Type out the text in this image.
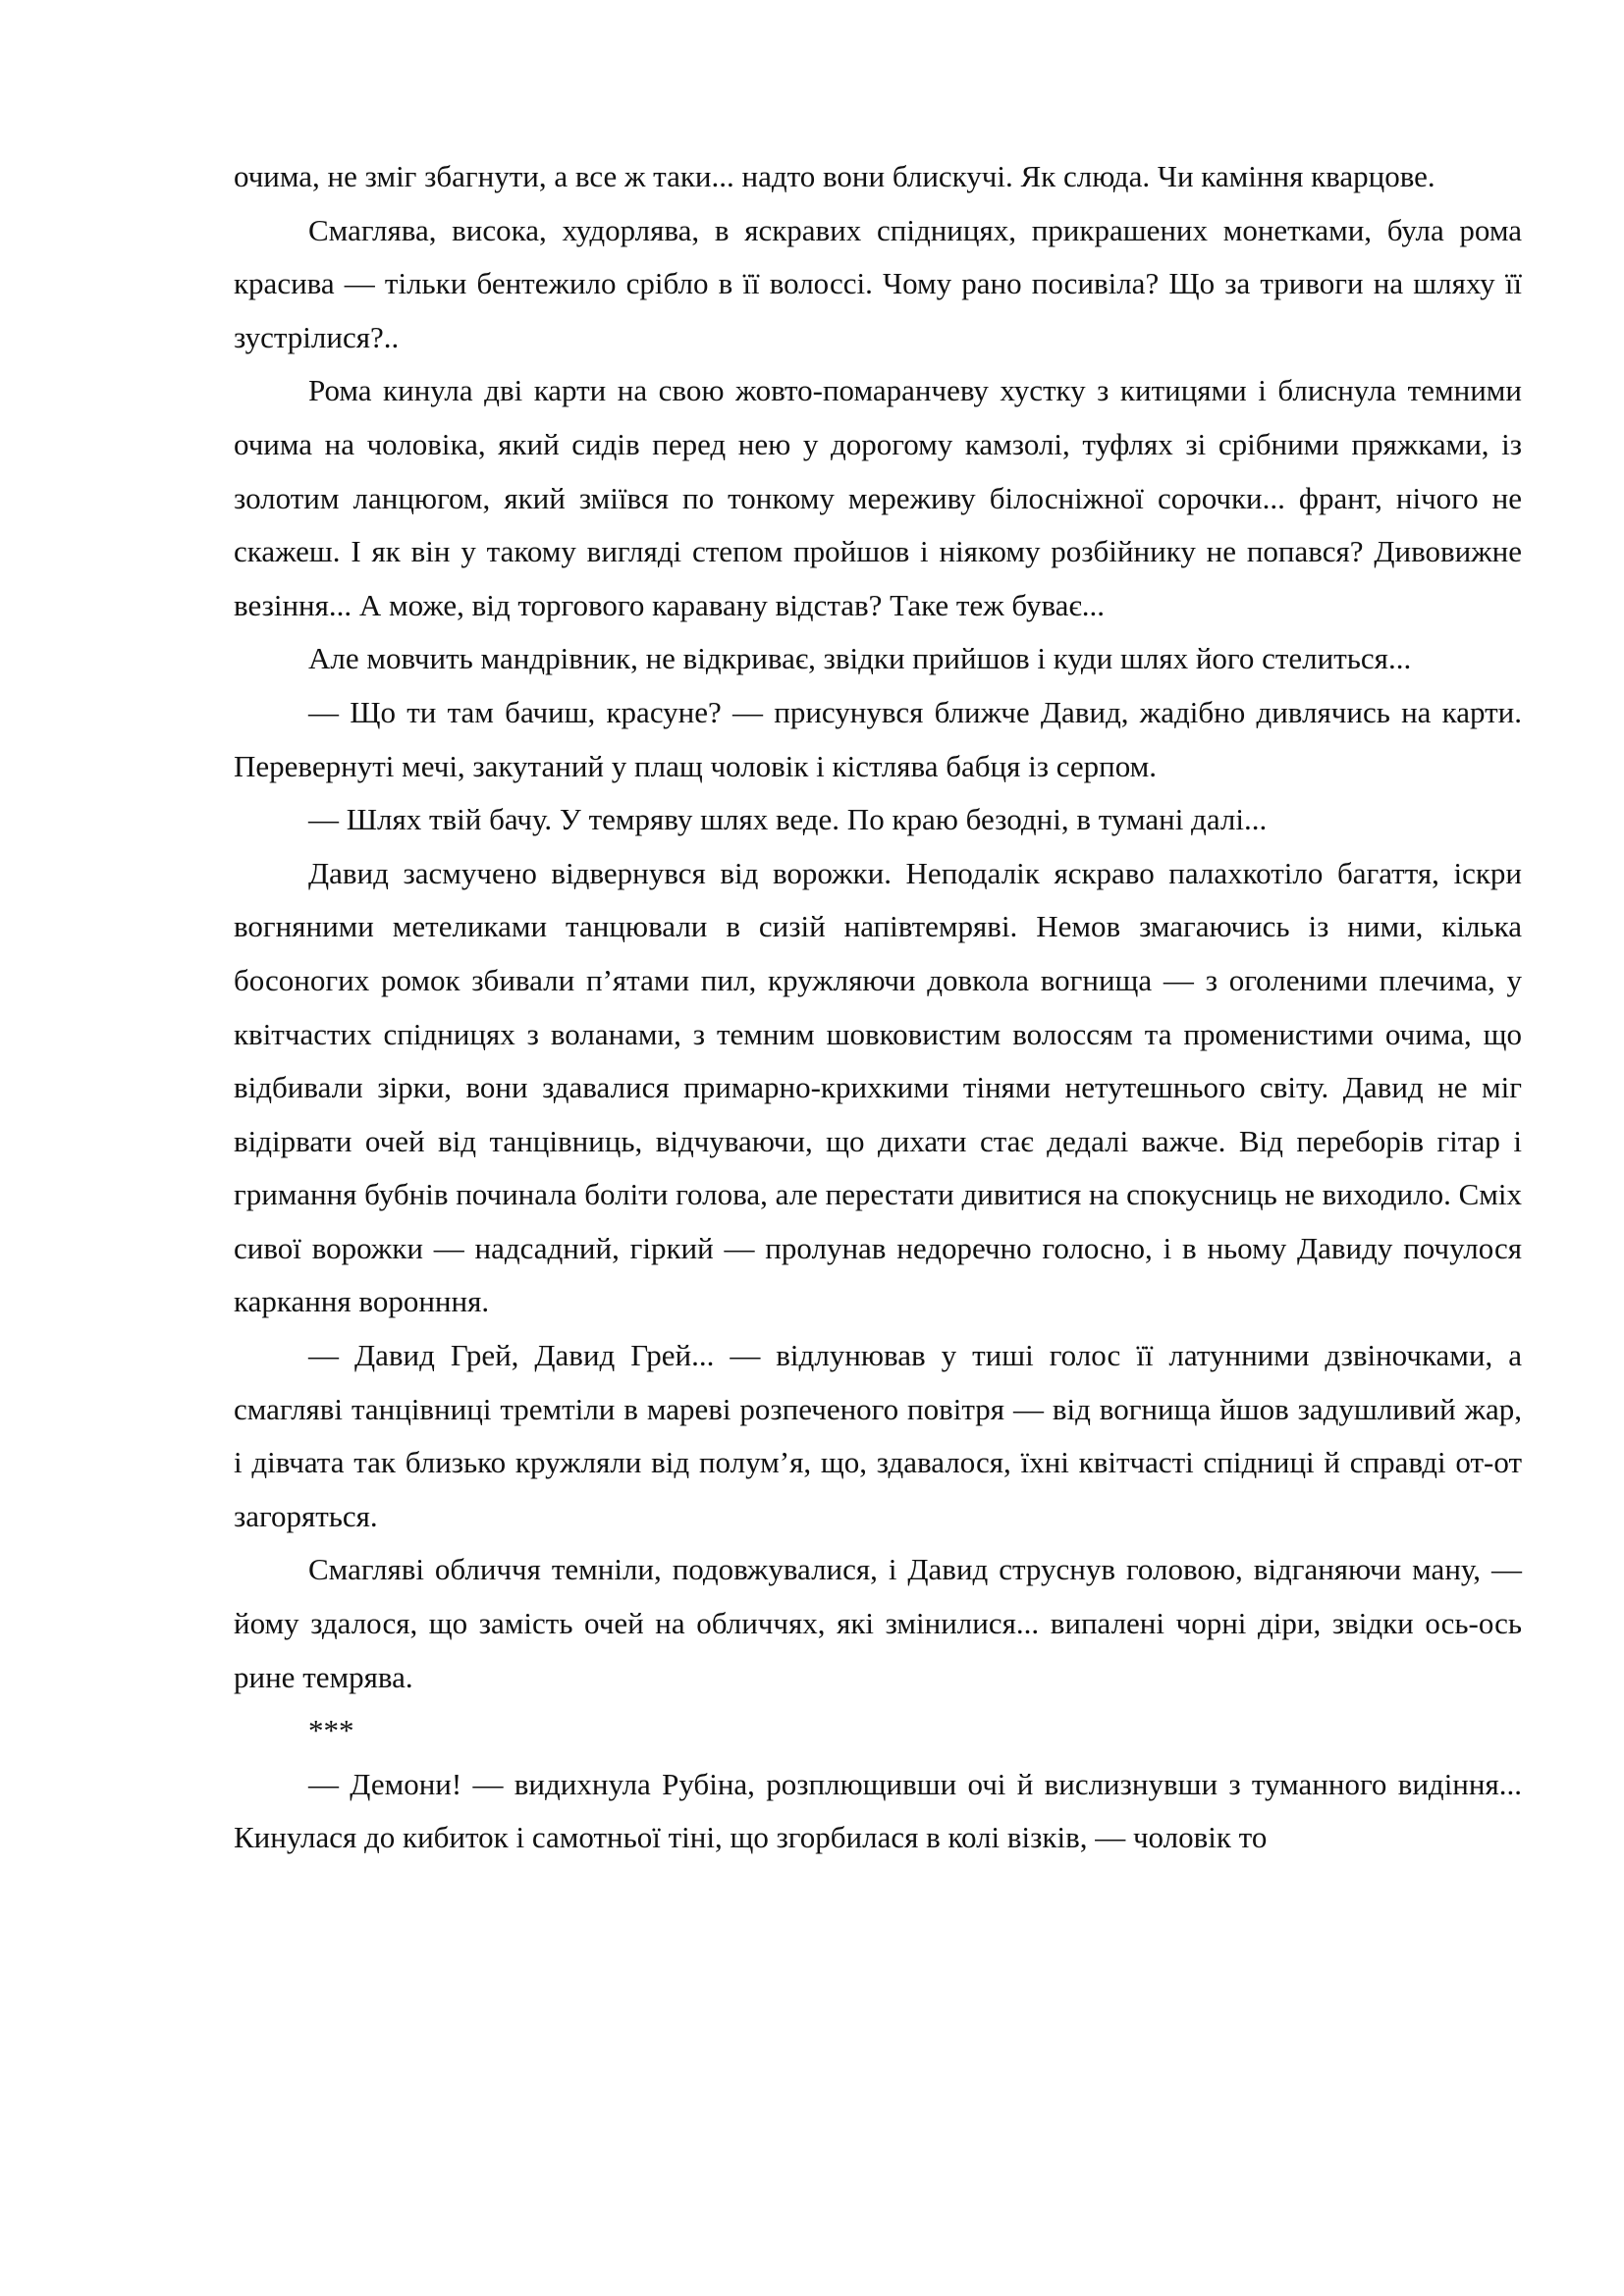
очима, не зміг збагнути, а все ж таки... надто вони блискучі. Як слюда. Чи каміння кварцове.

Смаглява, висока, худорлява, в яскравих спідницях, прикрашених монетками, була рома красива — тільки бентежило срібло в її волоссі. Чому рано посивіла? Що за тривоги на шляху її зустрілися?..

Рома кинула дві карти на свою жовто-помаранчеву хустку з китицями і блиснула темними очима на чоловіка, який сидів перед нею у дорогому камзолі, туфлях зі срібними пряжками, із золотим ланцюгом, який зміївся по тонкому мереживу білосніжної сорочки... франт, нічого не скажеш. І як він у такому вигляді степом пройшов і ніякому розбійнику не попався? Дивовижне везіння... А може, від торгового каравану відстав? Таке теж буває...

Але мовчить мандрівник, не відкриває, звідки прийшов і куди шлях його стелиться...

— Що ти там бачиш, красуне? — присунувся ближче Давид, жадібно дивлячись на карти. Перевернуті мечі, закутаний у плащ чоловік і кістлява бабця із серпом.

— Шлях твій бачу. У темряву шлях веде. По краю безодні, в тумані далі...

Давид засмучено відвернувся від ворожки. Неподалік яскраво палахкотіло багаття, іскри вогняними метеликами танцювали в сизій напівтемряві. Немов змагаючись із ними, кілька босоногих ромок збивали п’ятами пил, кружляючи довкола вогнища — з оголеними плечима, у квітчастих спідницях з воланами, з темним шовковистим волоссям та променистими очима, що відбивали зірки, вони здавалися примарно-крихкими тінями нетутешнього світу. Давид не міг відірвати очей від танцівниць, відчуваючи, що дихати стає дедалі важче. Від переборів гітар і гримання бубнів починала боліти голова, але перестати дивитися на спокусниць не виходило. Сміх сивої ворожки — надсадний, гіркий — пролунав недоречно голосно, і в ньому Давиду почулося каркання воронння.

— Давид Грей, Давид Грей... — відлунював у тиші голос її латунними дзвіночками, а смагляві танцівниці тремтіли в мареві розпеченого повітря — від вогнища йшов задушливий жар, і дівчата так близько кружляли від полум’я, що, здавалося, їхні квітчасті спідниці й справді от-от загоряться.

Смагляві обличчя темніли, подовжувалися, і Давид струснув головою, відганяючи ману, — йому здалося, що замість очей на обличчях, які змінилися... випалені чорні діри, звідки ось-ось рине темрява.

***

— Демони! — видихнула Рубіна, розплющивши очі й вислизнувши з туманного видіння... Кинулася до кибиток і самотньої тіні, що згорбилася в колі візків, — чоловік то
